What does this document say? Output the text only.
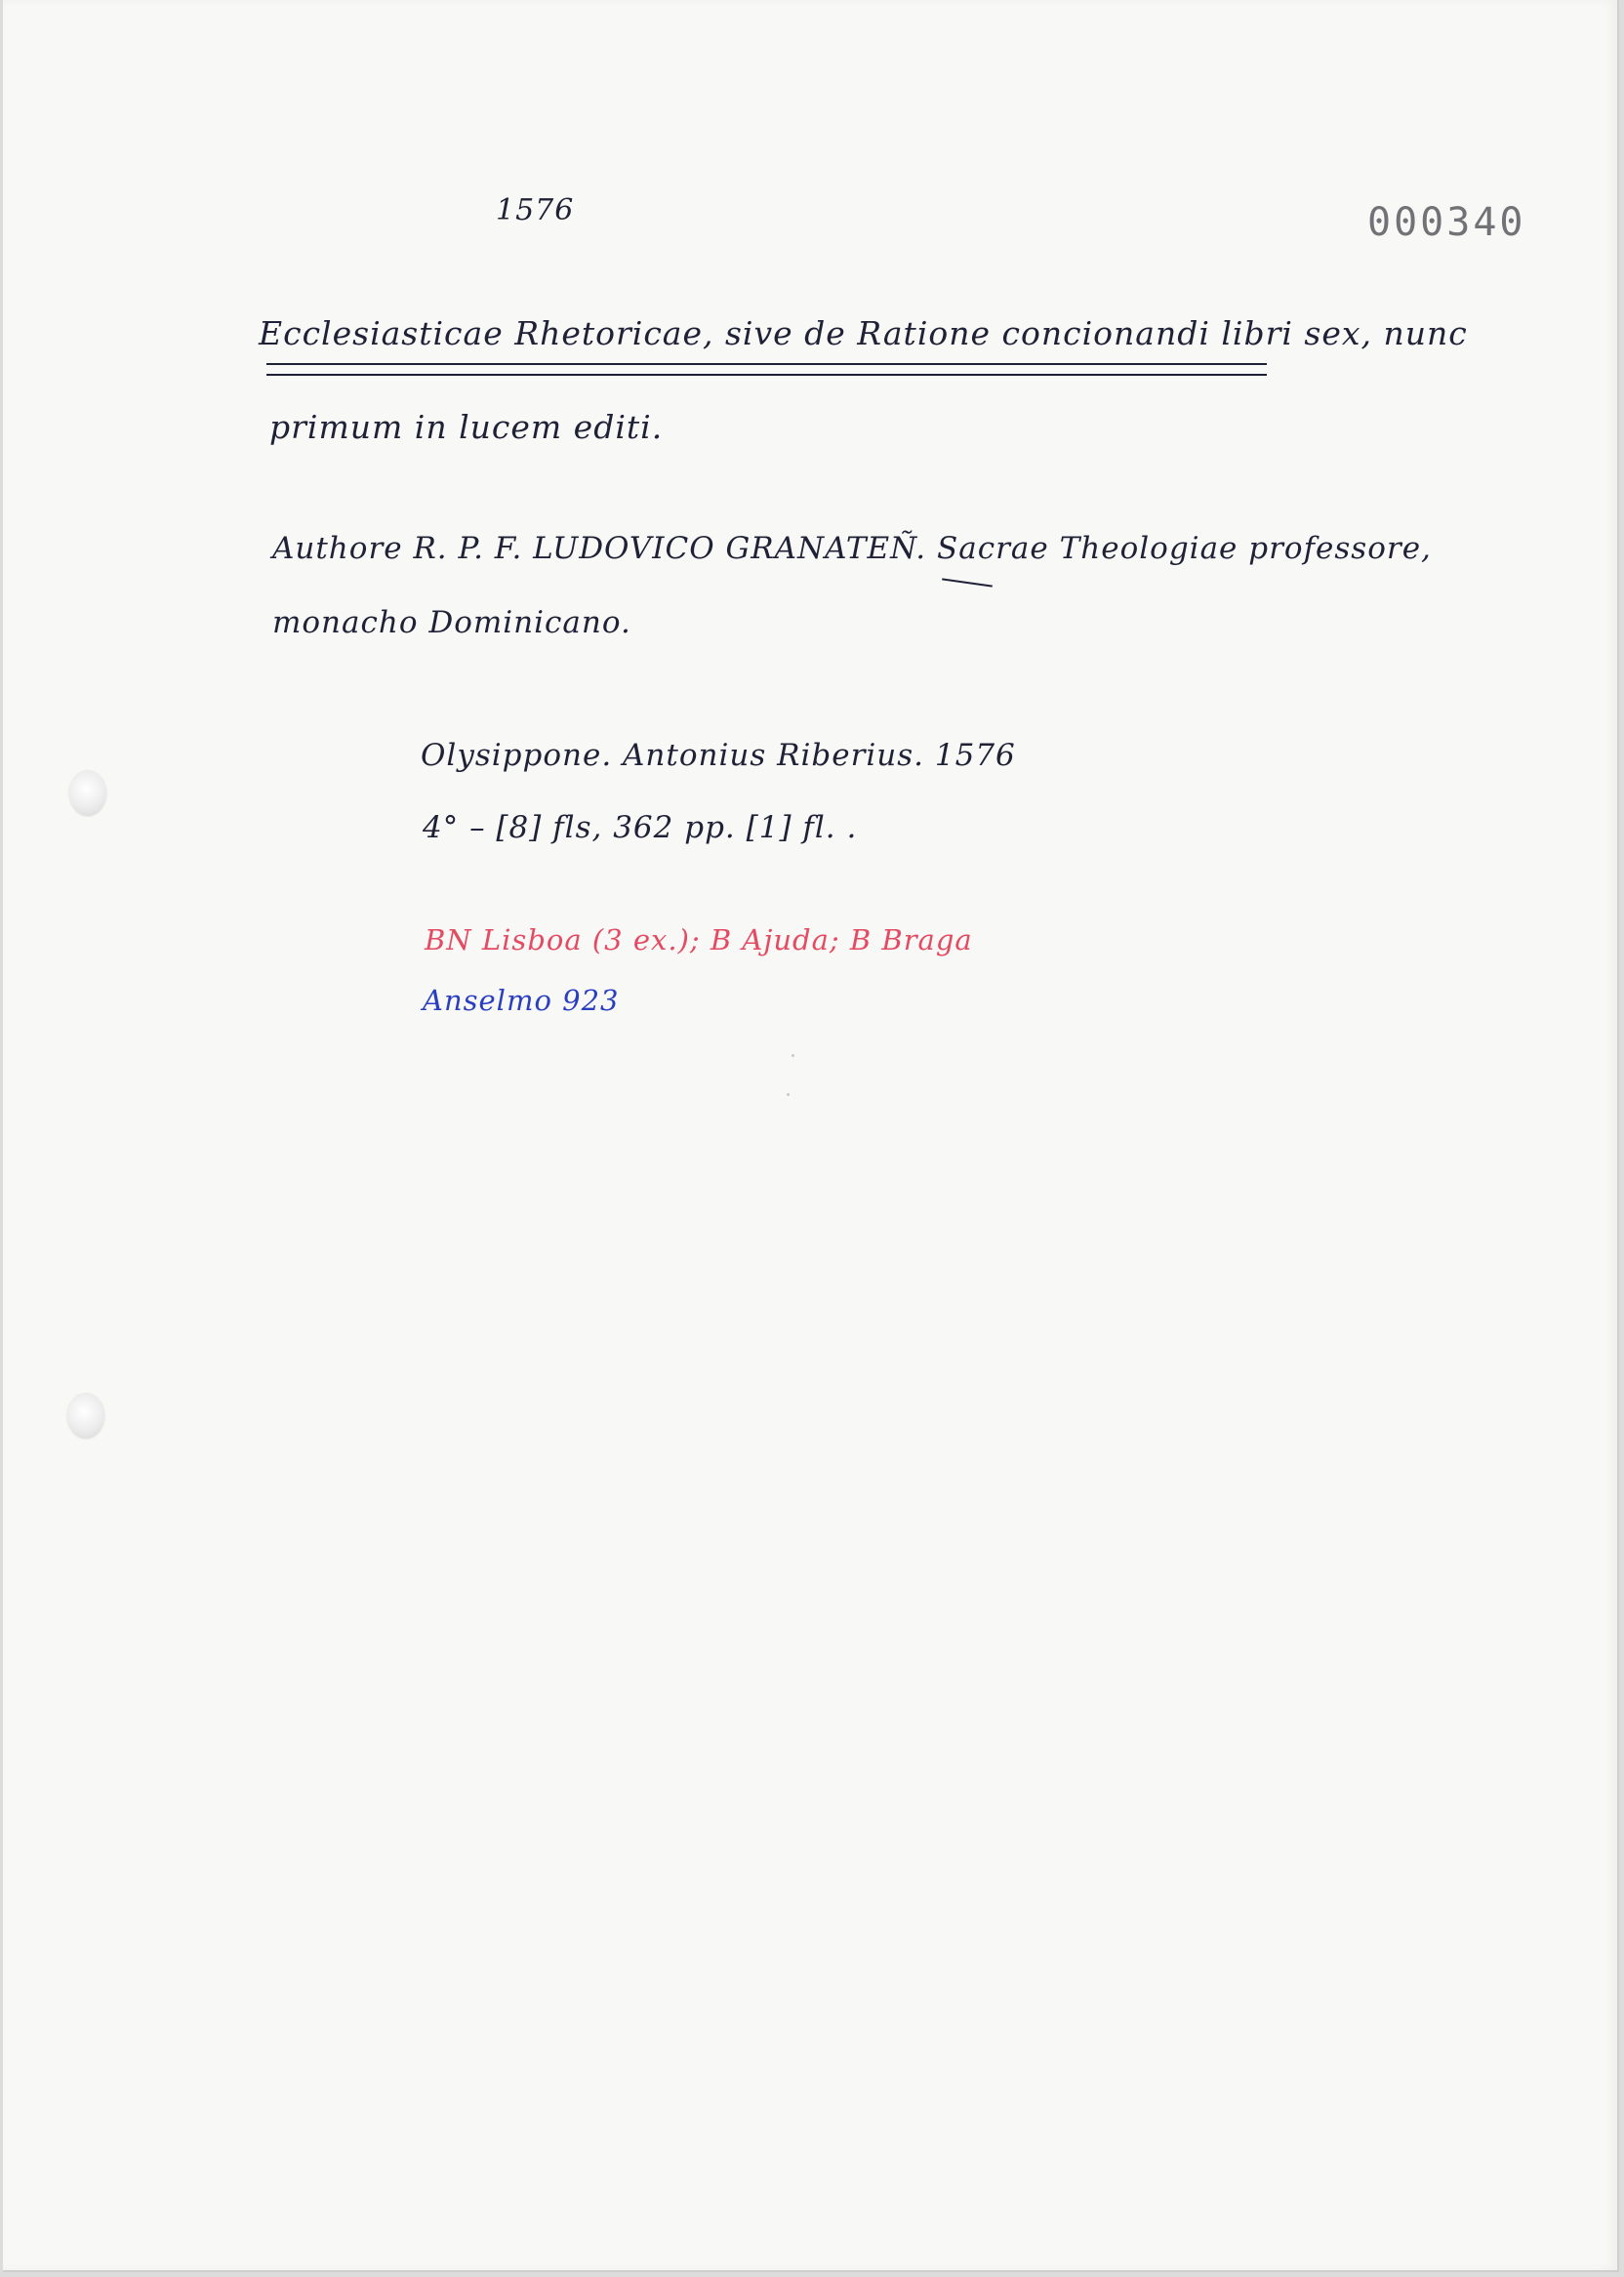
1576	000340
Ecclesiasticae Rhetoricae, sive de Ratione concionandi libri sex, nunc
primum in lucem editi.
Authore R. P. F. LUDOVICO GRANATEÑ. Sacrae Theologiae professore,
monacho Dominicano.
Olysippone. Antonius Riberius. 1576
4° – [8] fls, 362 pp. [1] fl. .
BN Lisboa (3 ex.); B Ajuda; B Braga
Anselmo 923
